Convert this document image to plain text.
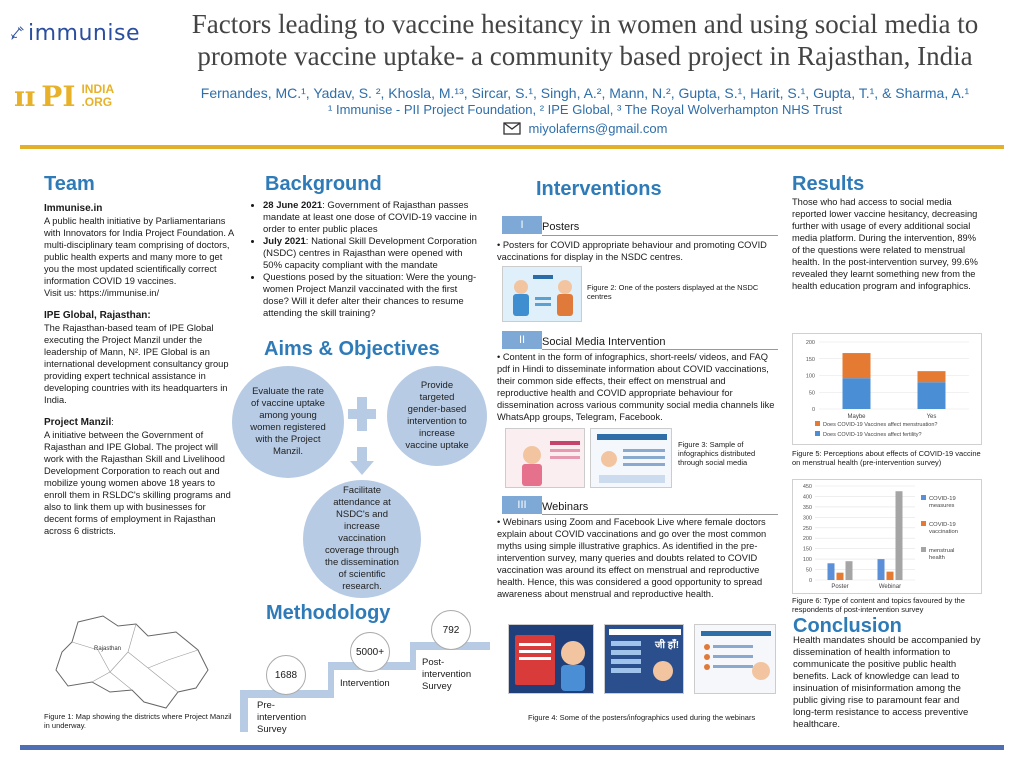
immunise
ɪɪ PI INDIA
.ORG
Factors leading to vaccine hesitancy in women and using social media to
promote vaccine uptake- a community based project in Rajasthan, India
Fernandes, MC.¹, Yadav, S. ², Khosla, M.¹³, Sircar, S.¹, Singh, A.², Mann, N.², Gupta, S.¹, Harit, S.¹, Gupta, T.¹, & Sharma, A.¹
¹ Immunise - PII Project Foundation, ² IPE Global, ³ The Royal Wolverhampton NHS Trust
miyolaferns@gmail.com
Team

Immunise.in

A public health initiative by Parliamentarians with Innovators for India Project Foundation. A multi-disciplinary team comprising of doctors, public health experts and many more to get you the most updated scientifically correct information COVID 19 vaccines.

Visit us: https://immunise.in/

IPE Global, Rajasthan:

The Rajasthan-based team of IPE Global executing the Project Manzil under the leadership of Mann, N². IPE Global is an international development consultancy group providing expert technical assistance in developing countries with its headquarters in India.

Project Manzil:

A initiative between the Government of Rajasthan and IPE Global. The project will work with the Rajasthan Skill and Livelihood Development Corporation to reach out and mobilize young women above 18 years to enroll them in RSLDC's skilling programs and also to link them up with businesses for decent forms of employment in Rajasthan across 6 districts.

Rajasthan
Figure 1: Map showing the districts where Project Manzil in underway.
Background
• 28 June 2021: Government of Rajasthan passes mandate at least one dose of COVID-19 vaccine in order to enter public places
• July 2021: National Skill Development Corporation (NSDC) centres in Rajasthan were opened with 50% capacity compliant with the mandate
• Questions posed by the situation: Were the young-women Project Manzil vaccinated with the first dose? Will it defer alter their chances to resume attending the skill training?
Aims & Objectives
Evaluate the rate of vaccine uptake among young women registered with the Project Manzil.
Provide targeted gender-based intervention to increase vaccine uptake
Facilitate attendance at NSDC's and increase vaccination coverage through the dissemination of scientific research.
Methodology
1688
Pre-intervention Survey
5000+
Intervention
792
Post-intervention Survey
Interventions
I	Posters
• Posters for COVID appropriate behaviour and promoting COVID vaccinations for display in the NSDC centres.
Figure 2: One of the posters displayed at the NSDC centres
II	Social Media Intervention
• Content in the form of infographics, short-reels/ videos, and FAQ pdf in Hindi to disseminate information about COVID vaccinations, their common side effects, their effect on menstrual and reproductive health and COVID appropriate behaviour for dissemination across various community social media channels like WhatsApp groups, Telegram, Facebook.
Figure 3: Sample of infographics distributed through social media
III	Webinars
• Webinars using Zoom and Facebook Live where female doctors explain about COVID vaccinations and go over the most common myths using simple illustrative graphics. As identified in the pre-intervention survey, many queries and doubts related to COVID vaccination was around its effect on menstrual and reproductive health. Hence, this was considered a good opportunity to spread awareness about menstrual and reproductive health.
जी हाँ!
Figure 4: Some of the posters/infographics used during the webinars
Results

Those who had access to social media reported lower vaccine hesitancy, decreasing further with usage of every additional social media platform. During the intervention, 89% of the questions were related to menstrual health. In the post-intervention survey, 99.6% revealed they learnt something new from the health education program and infographics.

0
50
100
150
200
Maybe	Yes
Does COVID-19 Vaccines affect menstruation?
Does COVID-19 Vaccines affect fertility?
Figure 5: Perceptions about effects of COVID-19 vaccine on menstrual health (pre-intervention survey)
0
50
100
150
200
250
300
350
400
450
Poster	Webinar
COVID-19 measures
COVID-19 vaccination
menstrual health
Figure 6: Type of content and topics favoured by the respondents of post-intervention survey
Conclusion

Health mandates should be accompanied by dissemination of health information to communicate the positive public health benefits. Lack of knowledge can lead to insinuation of misinformation among the public giving rise to paramount fear and long-term resistance to access preventive healthcare.
